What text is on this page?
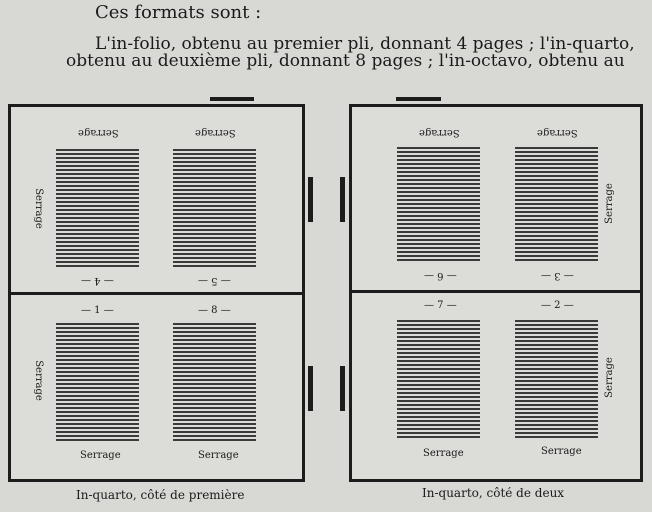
Ces formats sont :
L'in-folio, obtenu au premier pli, donnant 4 pages ; l'in-quarto,
obtenu au deuxième pli, donnant 8 pages ; l'in-octavo, obtenu au
Serrage	Serrage
Serrage
— 4 —	— 5 —
— 1 —	— 8 —
Serrage
Serrage	Serrage
In-quarto, côté de première
Serrage	Serrage
Serrage
— 6 —	— 3 —
— 7 —	— 2 —
Serrage
Serrage	Serrage
In-quarto, côté de deux
